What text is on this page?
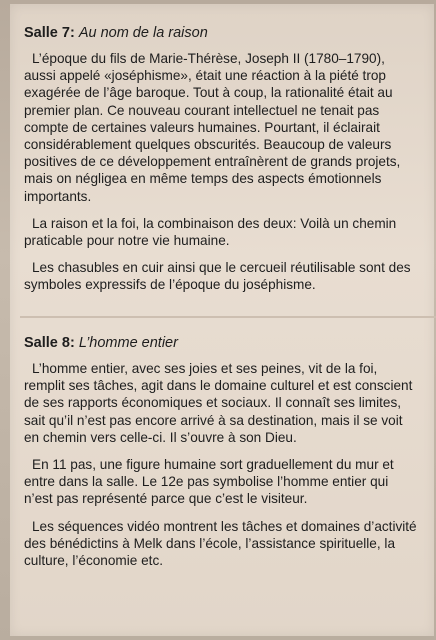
Salle 7: Au nom de la raison

L’époque du fils de Marie-Thérèse, Joseph II (1780–1790), aussi appelé «joséphisme», était une réaction à la piété trop exagérée de l’âge baroque. Tout à coup, la rationalité était au premier plan. Ce nouveau courant intellectuel ne tenait pas compte de certaines valeurs humaines. Pourtant, il éclairait considérablement quelques obscurités. Beaucoup de valeurs positives de ce développement entraînèrent de grands projets, mais on négligea en même temps des aspects émotionnels importants.

La raison et la foi, la combinaison des deux: Voilà un chemin praticable pour notre vie humaine.

Les chasubles en cuir ainsi que le cercueil réutilisable sont des symboles expressifs de l’époque du joséphisme.

Salle 8: L’homme entier

L’homme entier, avec ses joies et ses peines, vit de la foi, remplit ses tâches, agit dans le domaine culturel et est conscient de ses rapports économiques et sociaux. Il connaît ses limites, sait qu’il n’est pas encore arrivé à sa destination, mais il se voit en chemin vers celle-ci. Il s’ouvre à son Dieu.

En 11 pas, une figure humaine sort graduellement du mur et entre dans la salle. Le 12e pas symbolise l’homme entier qui n’est pas représenté parce que c’est le visiteur.

Les séquences vidéo montrent les tâches et domaines d’activité des bénédictins à Melk dans l’école, l’assistance spirituelle, la culture, l’économie etc.
